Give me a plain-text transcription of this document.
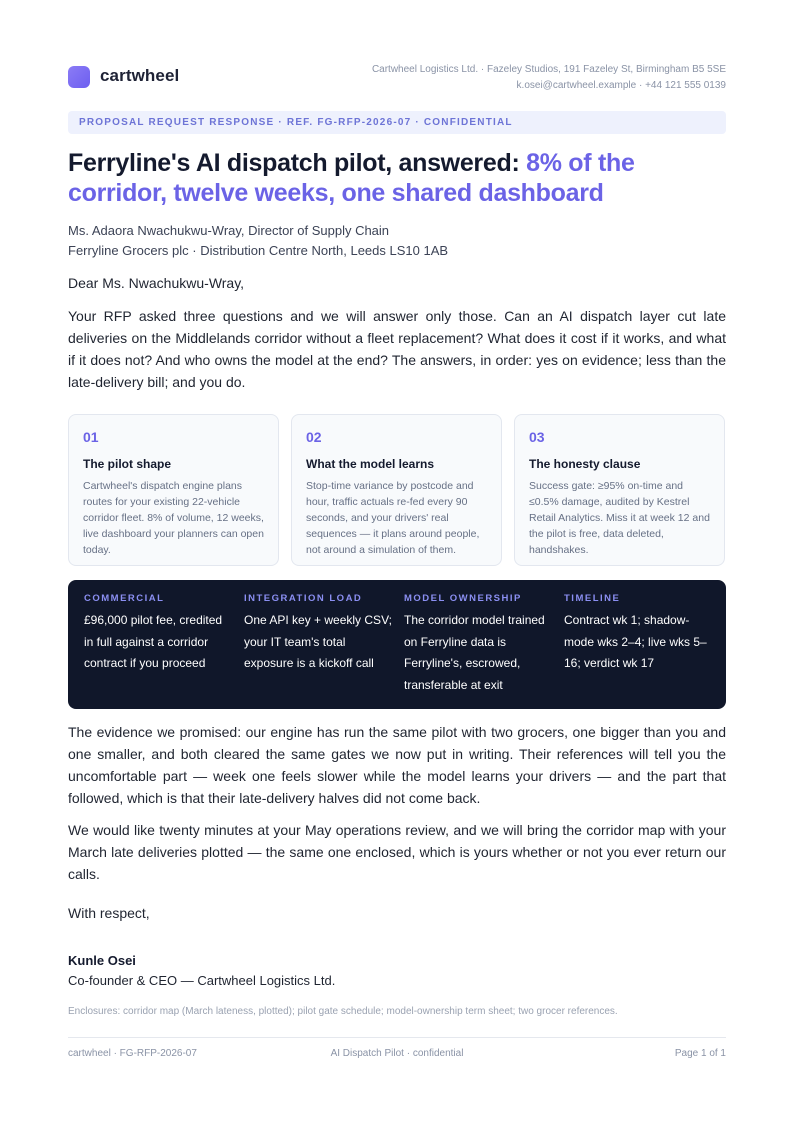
cartwheel	Cartwheel Logistics Ltd. · Fazeley Studios, 191 Fazeley St, Birmingham B5 5SE
k.osei@cartwheel.example · +44 121 555 0139
PROPOSAL REQUEST RESPONSE · REF. FG-RFP-2026-07 · CONFIDENTIAL
Ferryline's AI dispatch pilot, answered: 8% of the corridor, twelve weeks, one shared dashboard
Ms. Adaora Nwachukwu-Wray, Director of Supply Chain
Ferryline Grocers plc · Distribution Centre North, Leeds LS10 1AB
Dear Ms. Nwachukwu-Wray,

Your RFP asked three questions and we will answer only those. Can an AI dispatch layer cut late deliveries on the Middlelands corridor without a fleet replacement? What does it cost if it works, and what if it does not? And who owns the model at the end? The answers, in order: yes on evidence; less than the late-delivery bill; and you do.

01
The pilot shape
Cartwheel's dispatch engine plans routes for your existing 22-vehicle corridor fleet. 8% of volume, 12 weeks, live dashboard your planners can open today.
02
What the model learns
Stop-time variance by postcode and hour, traffic actuals re-fed every 90 seconds, and your drivers' real sequences — it plans around people, not around a simulation of them.
03
The honesty clause
Success gate: ≥95% on-time and ≤0.5% damage, audited by Kestrel Retail Analytics. Miss it at week 12 and the pilot is free, data deleted, handshakes.
COMMERCIAL
£96,000 pilot fee, credited in full against a corridor contract if you proceed
INTEGRATION LOAD
One API key + weekly CSV; your IT team's total exposure is a kickoff call
MODEL OWNERSHIP
The corridor model trained on Ferryline data is Ferryline's, escrowed, transferable at exit
TIMELINE
Contract wk 1; shadow-mode wks 2–4; live wks 5–16; verdict wk 17

The evidence we promised: our engine has run the same pilot with two grocers, one bigger than you and one smaller, and both cleared the same gates we now put in writing. Their references will tell you the uncomfortable part — week one feels slower while the model learns your drivers — and the part that followed, which is that their late-delivery halves did not come back.

We would like twenty minutes at your May operations review, and we will bring the corridor map with your March late deliveries plotted — the same one enclosed, which is yours whether or not you ever return our calls.

With respect,
Kunle Osei
Co-founder & CEO — Cartwheel Logistics Ltd.
Enclosures: corridor map (March lateness, plotted); pilot gate schedule; model-ownership term sheet; two grocer references.
cartwheel · FG-RFP-2026-07	AI Dispatch Pilot · confidential	Page 1 of 1
